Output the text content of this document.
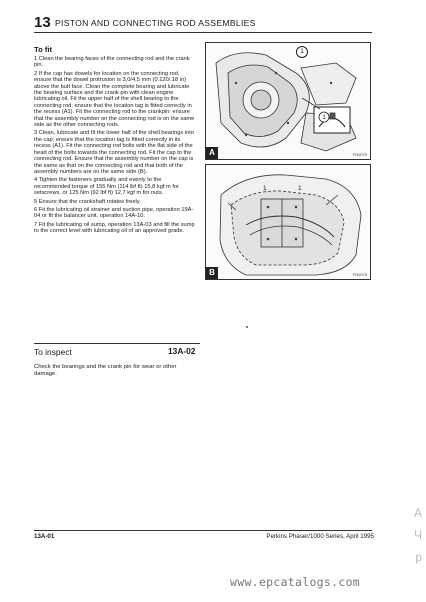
13 PISTON AND CONNECTING ROD ASSEMBLIES
To fit

1 Clean the bearing faces of the connecting rod and the crank pin.

2 If the cap has dowels for location on the connecting rod, ensure that the dowel protrusion is 3,0/4,5 mm (0.120/.18 in) above the butt face. Clean the complete bearing and lubricate the bearing surface and the crank pin with clean engine lubricating oil. Fit the upper half of the shell bearing to the connecting rod, ensure that the location tag is fitted correctly in the recess (A1). Fit the connecting rod to the crankpin: ensure that the assembly number on the connecting rod is on the same side as the other connecting rods.

3 Clean, lubricate and fit the lower half of the shell bearings into the cap; ensure that the location tag is fitted correctly in its recess (A1). Fit the connecting rod bolts with the flat side of the head of the bolts towards the connecting rod. Fit the cap to the connecting rod. Ensure that the assembly number on the cap is the same as that on the connecting rod and that both of the assembly numbers are on the same side (B).

4 Tighten the fasteners gradually and evenly to the recommended torque of 155 Nm (114 lbf ft) 15,8 kgf m for setscrews, or 125 Nm (92 lbf ft) 12,7 kgf m for nuts.

5 Ensure that the crankshaft rotates freely.

6 Fit the lubricating oil strainer and suction pipe, operation 19A-04 or fit the balancer unit, operation 14A-10.

7 Fit the lubricating oil sump, operation 13A-03 and fill the sump to the correct level with lubricating oil of an approved grade.

1
1
A	FN0075
1	1
B	FN0076
To inspect	13A-02
Check the bearings and the crank pin for wear or other damage.
13A-01	Perkins Phaser/1000 Series, April 1995
www.epcatalogs.com
A
Ч
р
